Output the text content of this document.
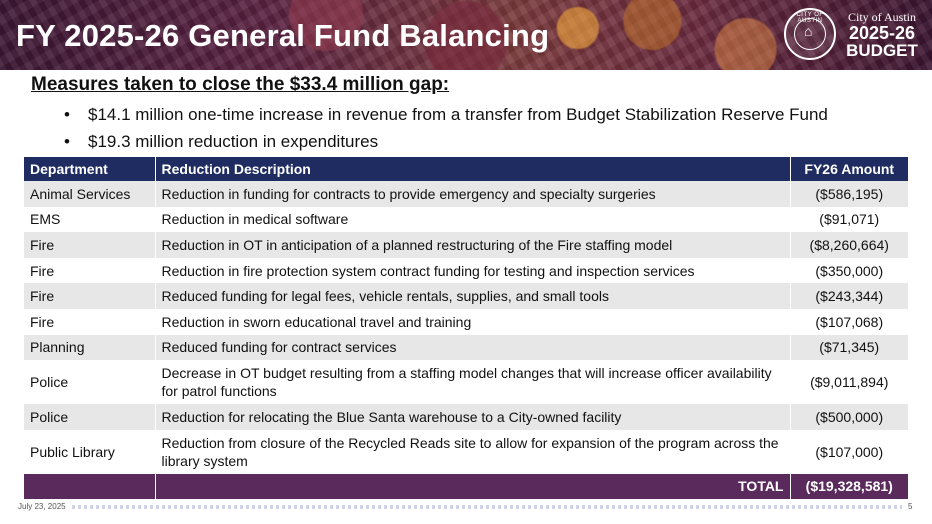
FY 2025-26 General Fund Balancing
CITY OF AUSTIN
⌂
City of Austin
2025-26
BUDGET
Measures taken to close the $33.4 million gap:
• $14.1 million one-time increase in revenue from a transfer from Budget Stabilization Reserve Fund
• $19.3 million reduction in expenditures
Department	Reduction Description	FY26 Amount
Animal Services	Reduction in funding for contracts to provide emergency and specialty surgeries	($586,195)
EMS	Reduction in medical software	($91,071)
Fire	Reduction in OT in anticipation of a planned restructuring of the Fire staffing model	($8,260,664)
Fire	Reduction in fire protection system contract funding for testing and inspection services	($350,000)
Fire	Reduced funding for legal fees, vehicle rentals, supplies, and small tools	($243,344)
Fire	Reduction in sworn educational travel and training	($107,068)
Planning	Reduced funding for contract services	($71,345)
Police	Decrease in OT budget resulting from a staffing model changes that will increase officer availability for patrol functions	($9,011,894)
Police	Reduction for relocating the Blue Santa warehouse to a City-owned facility	($500,000)
Public Library	Reduction from closure of the Recycled Reads site to allow for expansion of the program across the library system	($107,000)
	TOTAL	($19,328,581)
July 23, 2025	5
